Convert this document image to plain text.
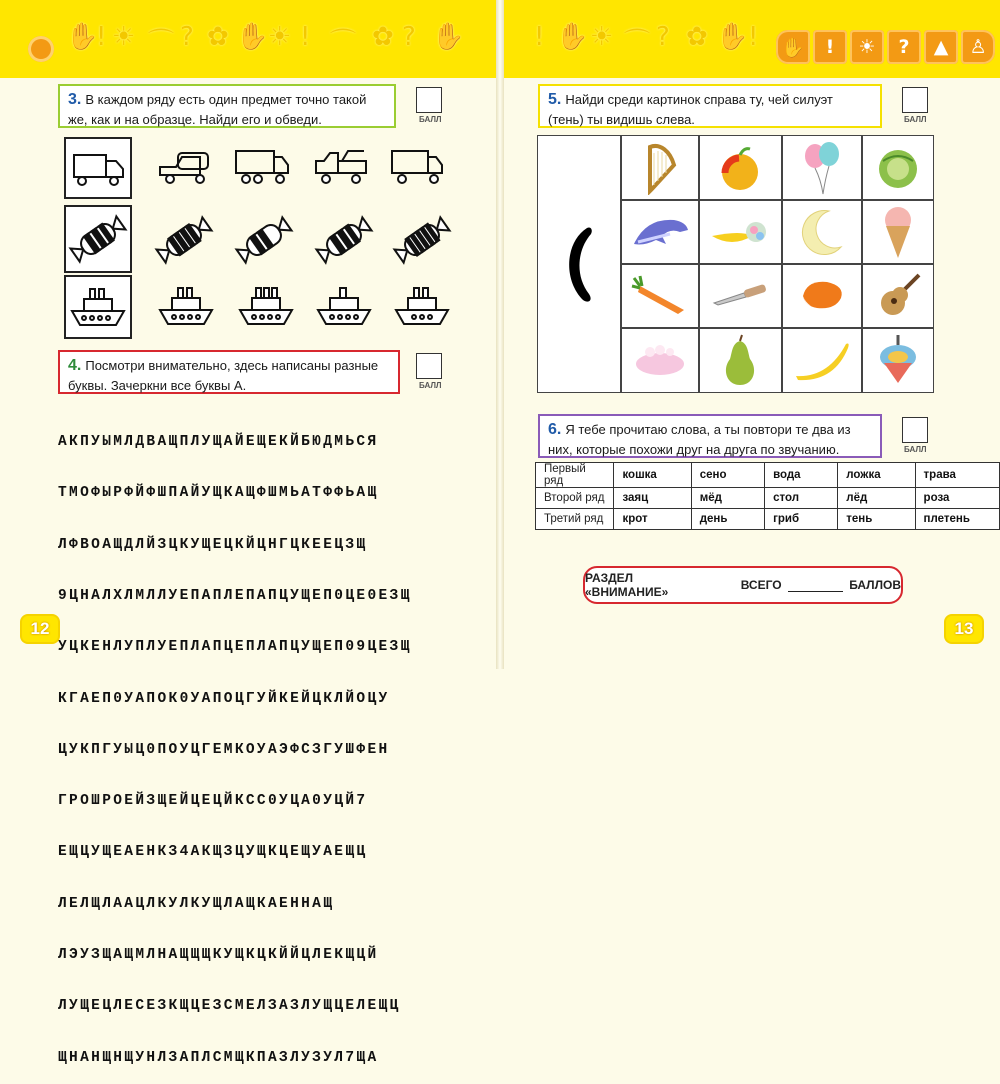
✋
! ☀ ⌒ ? ✿ ✋ ☀ ! ⌒ ✿ ? ✋	! ✋ ☀ ⌒ ? ✿ ✋ ! ✋	!	☀	?	▲	♙
3. В каждом ряду есть один предмет точно такой же, как и на образце. Найди его и обведи.	БАЛЛ
4. Посмотри внимательно, здесь написаны разные буквы. Зачеркни все буквы А.	БАЛЛ

АКПУЫМЛДВАЩПЛУЩАЙЕЩЕКЙБЮДМЬСЯ

ТМОФЫРФЙФШПАЙУЩКАЩФШМЬАТФФЬАЩ

ЛФВОАЩДЛЙЗЦКУЩЕЦКЙЦНГЦКЕЕЦЗЩ

9ЦНАЛХЛМЛЛУЕПАПЛЕПАПЦУЩЕП0ЦЕ0ЕЗЩ

УЦКЕНЛУПЛУЕПЛАПЦЕПЛАПЦУЩЕП09ЦЕЗЩ

КГАЕП0УАПОК0УАПОЦГУЙКЕЙЦКЛЙОЦУ

ЦУКПГУЫЦ0ПОУЦГЕМКОУАЭФСЗГУШФЕН

ГРОШРОЕЙЗЩЕЙЦЕЦЙКСС0УЦА0УЦЙ7

ЕЩЦУЩЕАЕНКЗ4АКЩЗЦУЩКЦЕЩУАЕЩЦ

ЛЕЛЩЛААЦЛКУЛКУЩЛАЩКАЕННАЩ

ЛЭУЗЩАЩМЛНАЩЩЩКУЩКЦКЙЙЦЛЕКЩЦЙ

ЛУЩЕЦЛЕСЕЗКЩЦЕЗСМЕЛЗАЗЛУЩЦЕЛЕЩЦ

ЩНАНЩНЩУНЛЗАПЛСМЩКПАЗЛУЗУЛ7ЩА

5. Найди среди картинок справа ту, чей силуэт (тень) ты видишь слева.	БАЛЛ
6. Я тебе прочитаю слова, а ты повтори те два из них, которые похожи друг на друга по звучанию.	БАЛЛ
Первый ряд	кошка	сено	вода	ложка	трава
Второй ряд	заяц	мёд	стол	лёд	роза
Третий ряд	крот	день	гриб	тень	плетень
РАЗДЕЛ «ВНИМАНИЕ»	ВСЕГО	БАЛЛОВ
12	13
